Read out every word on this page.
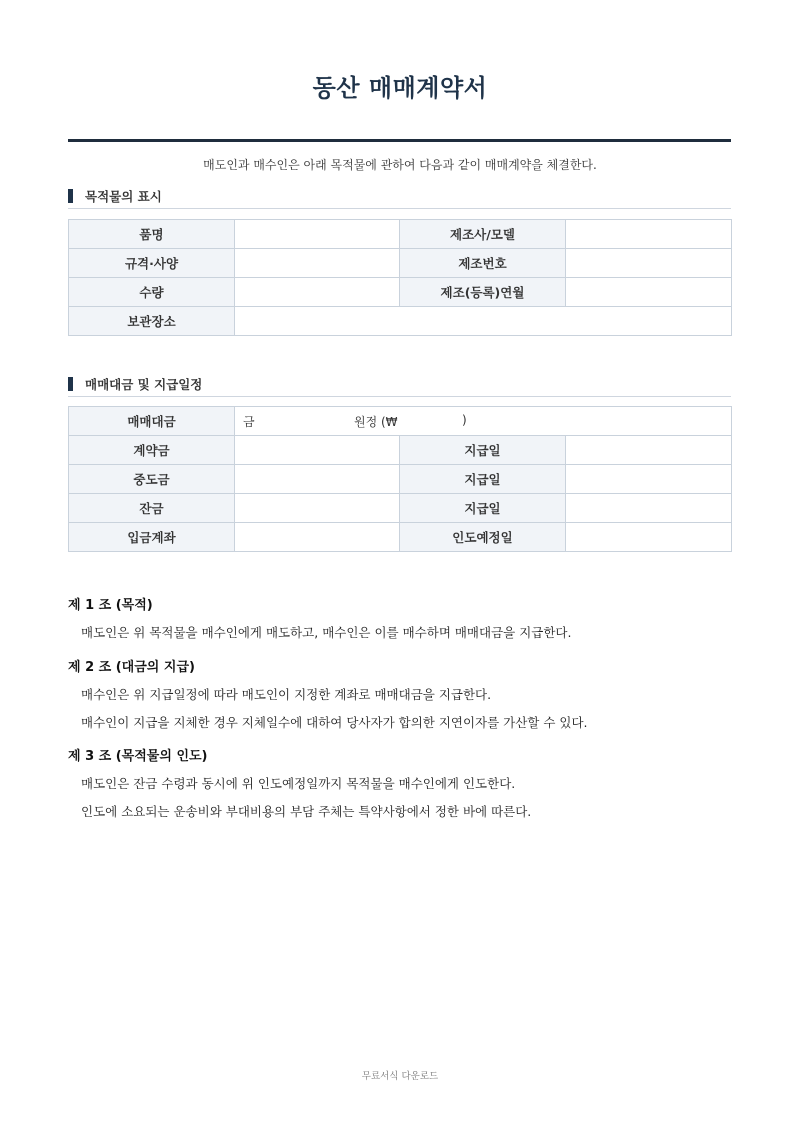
동산 매매계약서
매도인과 매수인은 아래 목적물에 관하여 다음과 같이 매매계약을 체결한다.
목적물의 표시
품명		제조사/모델	
규격·사양		제조번호	
수량		제조(등록)연월	
보관장소			
매매대금 및 지급일정
매매대금	금 원정 (₩ )		

계약금		지급일	
중도금		지급일	
잔금		지급일	
입금계좌		인도예정일	
제 1 조 (목적)
매도인은 위 목적물을 매수인에게 매도하고, 매수인은 이를 매수하며 매매대금을 지급한다.
제 2 조 (대금의 지급)
매수인은 위 지급일정에 따라 매도인이 지정한 계좌로 매매대금을 지급한다.
매수인이 지급을 지체한 경우 지체일수에 대하여 당사자가 합의한 지연이자를 가산할 수 있다.
제 3 조 (목적물의 인도)
매도인은 잔금 수령과 동시에 위 인도예정일까지 목적물을 매수인에게 인도한다.
인도에 소요되는 운송비와 부대비용의 부담 주체는 특약사항에서 정한 바에 따른다.
무료서식 다운로드
